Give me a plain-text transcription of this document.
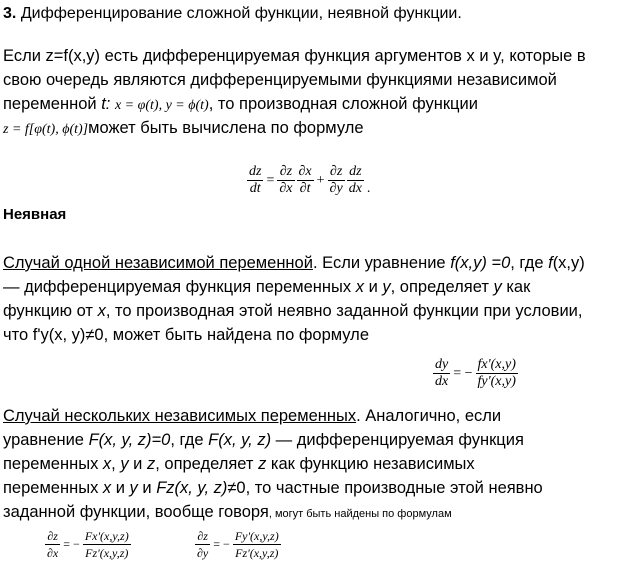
3. Дифференцирование сложной функции, неявной функции.
Если z=f(x,y) есть дифференцируемая функция аргументов x и y, которые в
свою очередь являются дифференцируемыми функциями независимой
переменной t: x = φ(t), y = ϕ(t), то производная сложной функции
z = f[φ(t), ϕ(t)]может быть вычислена по формуле
$\frac{dz}{dt} = \frac{\partial z}{\partial x} \frac{\partial x}{\partial t} + \frac{\partial z}{\partial y} \frac{dz}{dx}$ .
Неявная
Случай одной независимой переменной. Если уравнение f(x,y) =0, где f(x,y)
— дифференцируемая функция переменных x и y, определяет y как
функцию от x, то производная этой неявно заданной функции при условии,
что f'y(x, y)≠0, может быть найдена по формуле
$\frac{dy}{dx}$ = − $\frac{fx'(x,y)}{fy'(x,y)}$
Случай нескольких независимых переменных. Аналогично, если
уравнение F(x, y, z)=0, где F(x, y, z) — дифференцируемая функция
переменных x, y и z, определяет z как функцию независимых
переменных x и y и Fz(x, y, z)≠0, то частные производные этой неявно
заданной функции, вообще говоря, могут быть найдены по формулам
$\frac{\partial z}{\partial x}$ = − $\frac{Fx'(x,y,z)}{Fz'(x,y,z)}$	$\frac{\partial z}{\partial y}$ = − $\frac{Fy'(x,y,z)}{Fz'(x,y,z)}$
